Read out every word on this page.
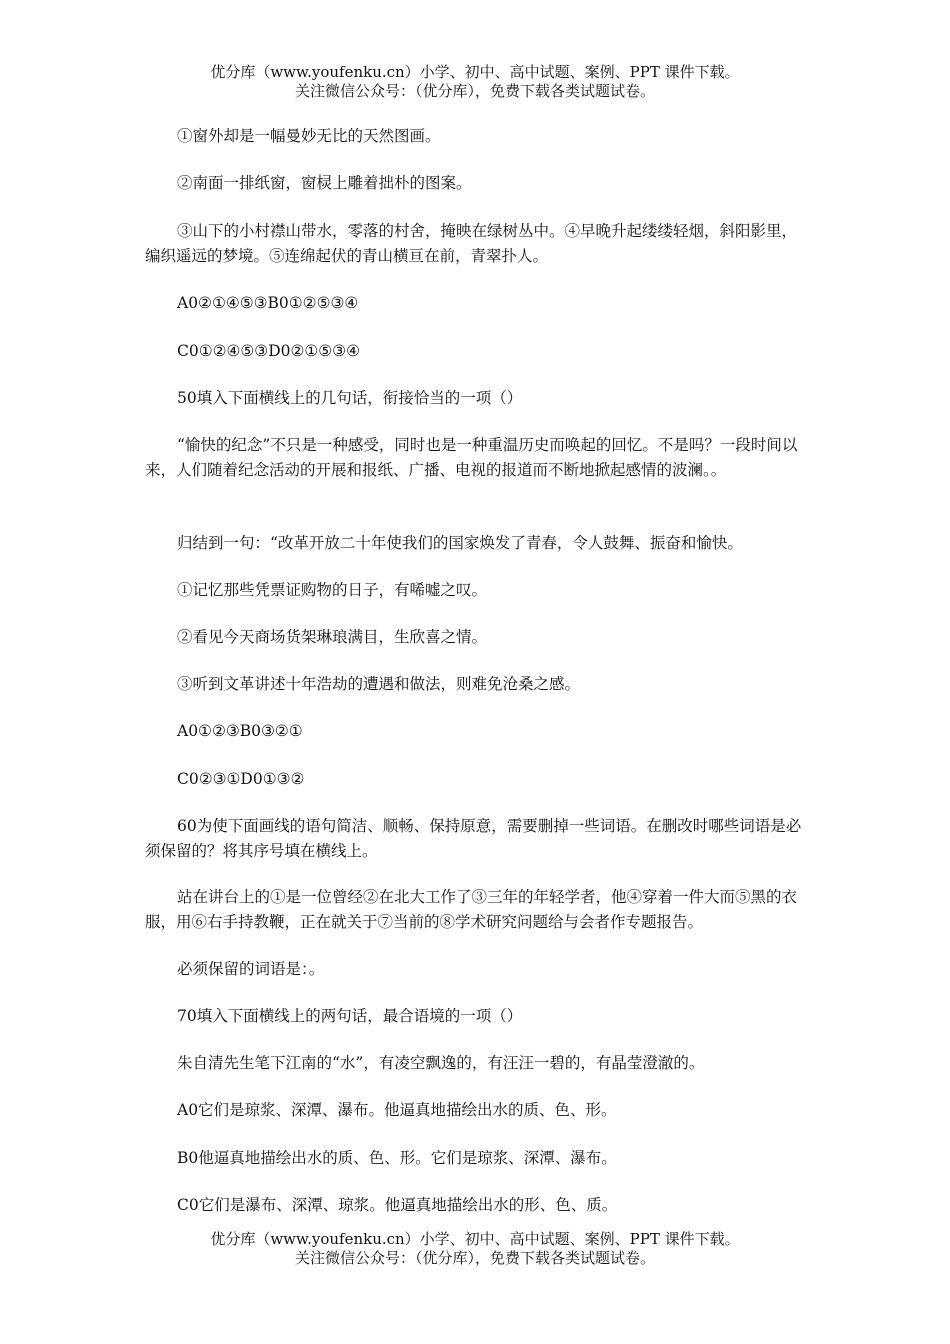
优分库（www.youfenku.cn）小学、初中、高中试题、案例、PPT 课件下载。
关注微信公众号：（优分库），免费下载各类试题试卷。
①窗外却是一幅曼妙无比的天然图画。
②南面一排纸窗，窗棂上雕着拙朴的图案。
③山下的小村襟山带水，零落的村舍，掩映在绿树丛中。④早晚升起缕缕轻烟，斜阳影里，编织遥远的梦境。⑤连绵起伏的青山横亘在前，青翠扑人。
A0②①④⑤③B0①②⑤③④
C0①②④⑤③D0②①⑤③④
50填入下面横线上的几句话，衔接恰当的一项（）
“愉快的纪念”不只是一种感受，同时也是一种重温历史而唤起的回忆。不是吗？一段时间以来，人们随着纪念活动的开展和报纸、广播、电视的报道而不断地掀起感情的波澜。。
归结到一句：“改革开放二十年使我们的国家焕发了青春，令人鼓舞、振奋和愉快。
①记忆那些凭票证购物的日子，有唏嘘之叹。
②看见今天商场货架琳琅满目，生欣喜之情。
③听到文革讲述十年浩劫的遭遇和做法，则难免沧桑之感。
A0①②③B0③②①
C0②③①D0①③②
60为使下面画线的语句简洁、顺畅、保持原意，需要删掉一些词语。在删改时哪些词语是必须保留的？将其序号填在横线上。
站在讲台上的①是一位曾经②在北大工作了③三年的年轻学者，他④穿着一件大而⑤黑的衣服，用⑥右手持教鞭，正在就关于⑦当前的⑧学术研究问题给与会者作专题报告。
必须保留的词语是：。
70填入下面横线上的两句话，最合语境的一项（）
朱自清先生笔下江南的“水”，有凌空飘逸的，有汪汪一碧的，有晶莹澄澈的。
A0它们是琼浆、深潭、瀑布。他逼真地描绘出水的质、色、形。
B0他逼真地描绘出水的质、色、形。它们是琼浆、深潭、瀑布。
C0它们是瀑布、深潭、琼浆。他逼真地描绘出水的形、色、质。
优分库（www.youfenku.cn）小学、初中、高中试题、案例、PPT 课件下载。
关注微信公众号：（优分库），免费下载各类试题试卷。
